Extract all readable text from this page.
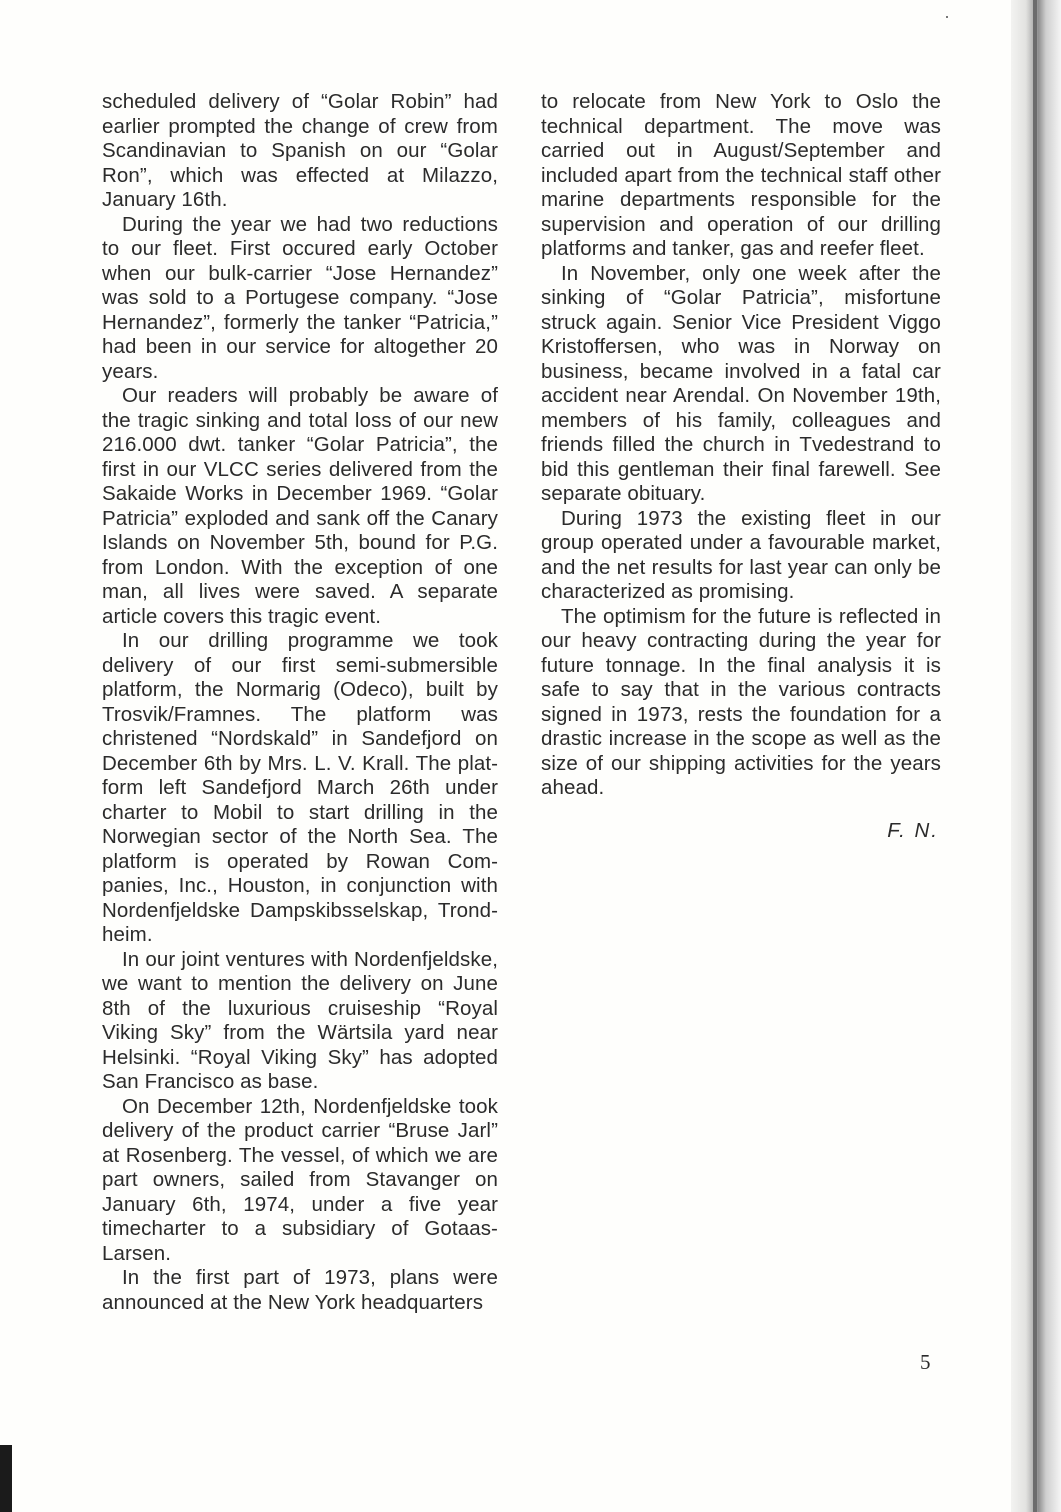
scheduled delivery of “Golar Robin” had earlier prompted the change of crew from Scandinavian to Spanish on our “Golar Ron”, which was effected at Milazzo, January 16th.

During the year we had two reductions to our fleet. First occured early October when our bulk-carrier “Jose Hernandez” was sold to a Portugese company. “Jose Hernandez”, formerly the tanker “Patricia,” had been in our service for altogether 20 years.

Our readers will probably be aware of the tragic sinking and total loss of our new 216.000 dwt. tanker “Golar Patricia”, the first in our VLCC series delivered from the Sakaide Works in December 1969. “Golar Patricia” exploded and sank off the Canary Islands on November 5th, bound for P.G. from London. With the exception of one man, all lives were saved. A separate article covers this tragic event.

In our drilling programme we took delivery of our first semi-submersible platform, the Normarig (Odeco), built by Trosvik/Framnes. The platform was christened “Nordskald” in Sandefjord on December 6th by Mrs. L. V. Krall. The platform left Sandefjord March 26th under charter to Mobil to start drilling in the Norwegian sector of the North Sea. The platform is operated by Rowan Companies, Inc., Houston, in conjunction with Nordenfjeldske Dampskibsselskap, Trondheim.

In our joint ventures with Nordenfjeldske, we want to mention the delivery on June 8th of the luxurious cruiseship “Royal Viking Sky” from the Wärtsila yard near Helsinki. “Royal Viking Sky” has adopted San Francisco as base.

On December 12th, Nordenfjeldske took delivery of the product carrier “Bruse Jarl” at Rosenberg. The vessel, of which we are part owners, sailed from Stavanger on January 6th, 1974, under a five year timecharter to a subsidiary of Gotaas-Larsen.

In the first part of 1973, plans were announced at the New York headquarters

to relocate from New York to Oslo the technical department. The move was carried out in August/September and included apart from the technical staff other marine departments responsible for the supervision and operation of our drilling platforms and tanker, gas and reefer fleet.

In November, only one week after the sinking of “Golar Patricia”, misfortune struck again. Senior Vice President Viggo Kristoffersen, who was in Norway on business, became involved in a fatal car accident near Arendal. On November 19th, members of his family, colleagues and friends filled the church in Tvedestrand to bid this gentleman their final farewell. See separate obituary.

During 1973 the existing fleet in our group operated under a favourable market, and the net results for last year can only be characterized as promising.

The optimism for the future is reflected in our heavy contracting during the year for future tonnage. In the final analysis it is safe to say that in the various contracts signed in 1973, rests the foundation for a drastic increase in the scope as well as the size of our shipping activities for the years ahead.

F. N.

5
